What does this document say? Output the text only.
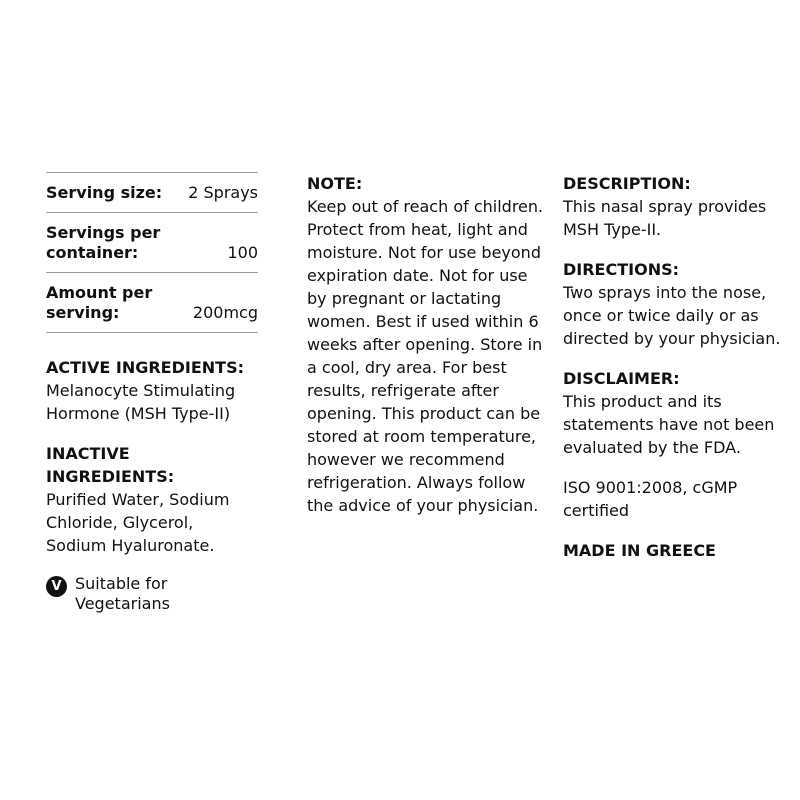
Serving size: 2 Sprays
Servings per container:	100
Amount per serving:	200mcg

ACTIVE INGREDIENTS:

Melanocyte Stimulating Hormone (MSH Type-II)

INACTIVE INGREDIENTS:

Purified Water, Sodium Chloride, Glycerol, Sodium Hyaluronate.

V Suitable for Vegetarians

NOTE:

Keep out of reach of children. Protect from heat, light and moisture. Not for use beyond expiration date. Not for use by pregnant or lactating women. Best if used within 6 weeks after opening. Store in a cool, dry area. For best results, refrigerate after opening. This product can be stored at room temperature, however we recommend refrigeration. Always follow the advice of your physician.

DESCRIPTION:

This nasal spray provides MSH Type-II.

DIRECTIONS:

Two sprays into the nose, once or twice daily or as directed by your physician.

DISCLAIMER:

This product and its statements have not been evaluated by the FDA.

ISO 9001:2008, cGMP certified

MADE IN GREECE
